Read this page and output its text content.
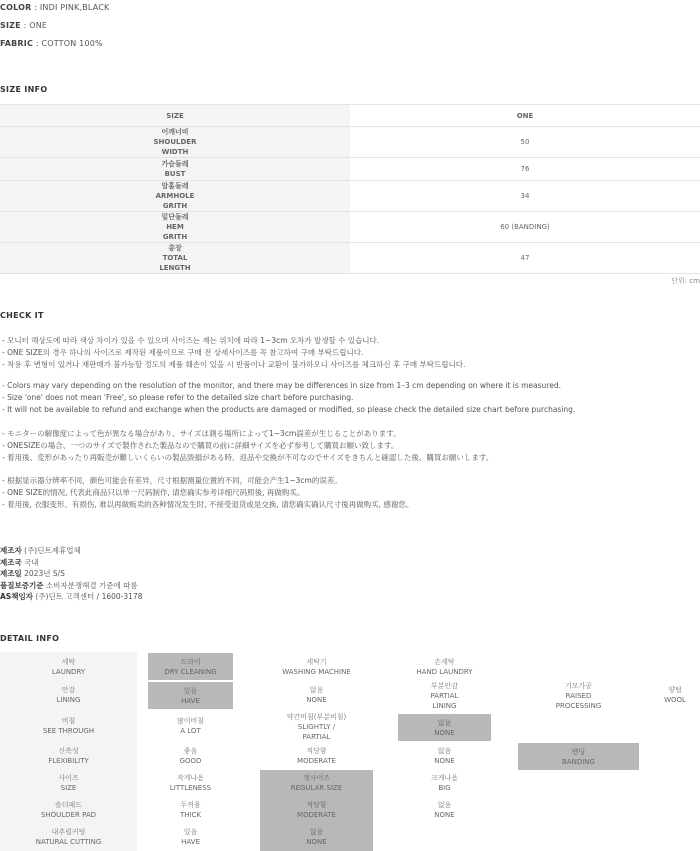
COLOR : INDI PINK,BLACK
SIZE : ONE
FABRIC : COTTON 100%
SIZE INFO
SIZE	ONE
어깨너비
SHOULDER
WIDTH
50
가슴둘레
BUST
76
암홀둘레
ARMHOLE
GRITH
34
밑단둘레
HEM
GRITH
60 (BANDING)
총장
TOTAL
LENGTH
47
단위: cm
CHECK IT
- 모니터 해상도에 따라 색상 차이가 있을 수 있으며 사이즈는 재는 위치에 따라 1~3cm 오차가 발생할 수 있습니다.
- ONE SIZE의 경우 하나의 사이즈로 제작된 제품이므로 구매 전 상세사이즈를 꼭 참고하여 구매 부탁드립니다.
- 착용 후 변형이 있거나 재판매가 불가능할 정도의 제품 훼손이 있을 시 반품이나 교환이 불가하오니 사이즈를 체크하신 후 구매 부탁드립니다.
- Colors may vary depending on the resolution of the monitor, and there may be differences in size from 1–3 cm depending on where it is measured.
- Size 'one' does not mean 'Free', so please refer to the detailed size chart before purchasing.
- It will not be available to refund and exchange when the products are damaged or modified, so please check the detailed size chart before purchasing.
- モニターの解像度によって色が異なる場合があり、サイズは測る場所によって1~3cm誤差が生じることがあります。
- ONESIZEの場合、一つのサイズで製作された製品なので購買の前に詳細サイズを必ず参考して購買お願い致します。
- 着用後、変形があったり再販売が難しいくらいの製品毀損がある時、返品や交換が不可なのでサイズをきちんと確認した後、購買お願いします。
- 根据显示器分辨率不同，颜色可能会有差异，尺寸根据测量位置的不同，可能会产生1~3cm的误差。
- ONE SIZE的情况, 代表此商品只以单一尺码制作, 请您确实参考详细尺码照後, 再做购买。
- 着用後, 衣服变形、有损伤, 难以再做贩卖的各种情况发生时, 不接受退货或是交换, 请您确实确认尺寸後再做购买, 感谢您。
제조자 (주)딘트제휴업체
제조국 국내
제조일 2023년 S/S
품질보증기준 소비자분쟁해결 기준에 따름
AS책임자 (주)딘트 고객센터 / 1600-3178
DETAIL INFO
세탁
LAUNDRY
드라이
DRY CLEANING
세탁기
WASHING MACHINE
손세탁
HAND LAUNDRY
안감
LINING
있음
HAVE
없음
NONE
부분안감
PARTIAL
LINING
기모가공
RAISED
PROCESSING
양털
WOOL
비침
SEE THROUGH
많이비침
A LOT
약간비침(부분비침)
SLIGHTLY /
PARTIAL
없음
NONE
신축성
FLEXIBILITY
좋음
GOOD
적당함
MODERATE
없음
NONE
밴딩
BANDING
사이즈
SIZE
작게나옴
LITTLENESS
정사이즈
REGULAR SIZE
크게나옴
BIG
숄더패드
SHOULDER PAD
두꺼움
THICK
적당함
MODERATE
없음
NONE
내추럴커팅
NATURAL CUTTING
있음
HAVE
없음
NONE
